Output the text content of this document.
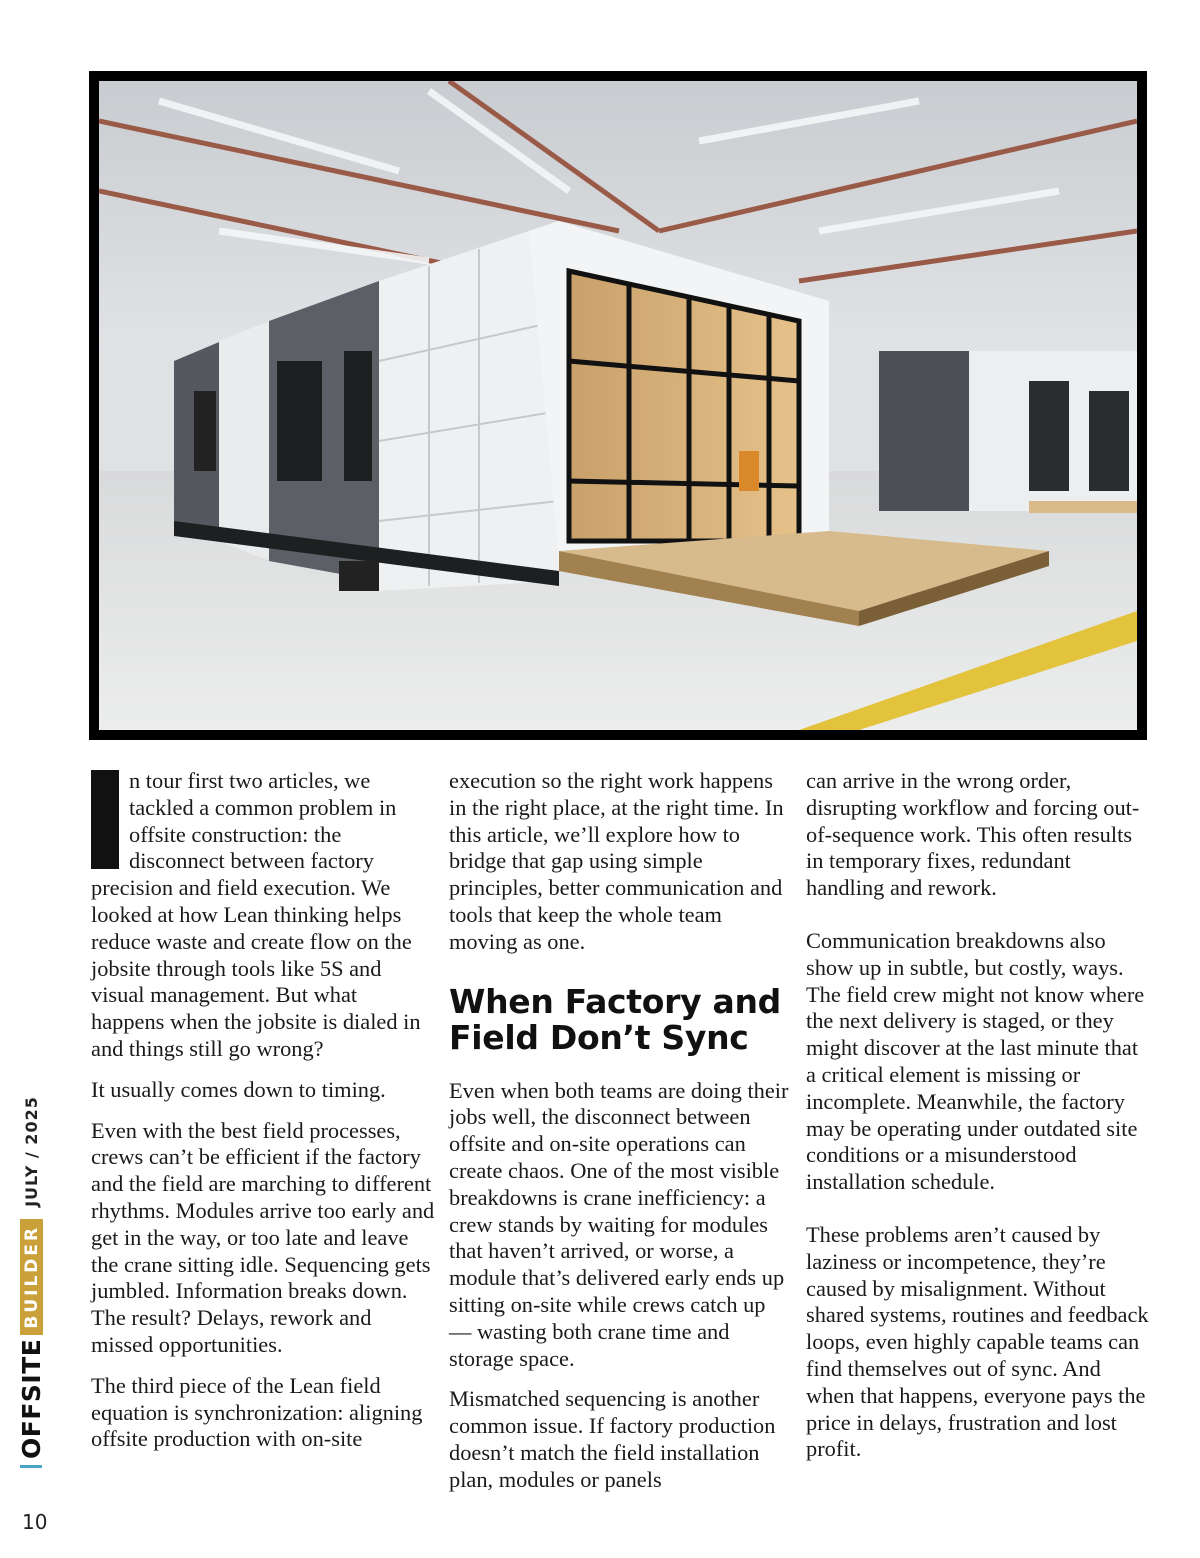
n tour first two articles, we tackled a common problem in offsite construction: the disconnect between factory precision and field execution. We looked at how Lean thinking helps reduce waste and create flow on the jobsite through tools like 5S and visual management. But what happens when the jobsite is dialed in and things still go wrong?

It usually comes down to timing.

Even with the best field processes, crews can’t be efficient if the factory and the field are marching to different rhythms. Modules arrive too early and get in the way, or too late and leave the crane sitting idle. Sequencing gets jumbled. Information breaks down. The result? Delays, rework and missed opportunities.

The third piece of the Lean field equation is synchronization: aligning offsite production with on-site

execution so the right work happens in the right place, at the right time. In this article, we’ll explore how to bridge that gap using simple principles, better communication and tools that keep the whole team moving as one.

When Factory and Field Don’t Sync

Even when both teams are doing their jobs well, the disconnect between offsite and on-site operations can create chaos. One of the most visible breakdowns is crane inefficiency: a crew stands by waiting for modules that haven’t arrived, or worse, a module that’s delivered early ends up sitting on-site while crews catch up — wasting both crane time and storage space.

Mismatched sequencing is another common issue. If factory production doesn’t match the field installation plan, modules or panels

can arrive in the wrong order, disrupting workflow and forcing out-of-sequence work. This often results in temporary fixes, redundant handling and rework.

Communication breakdowns also show up in subtle, but costly, ways. The field crew might not know where the next delivery is staged, or they might discover at the last minute that a critical element is missing or incomplete. Meanwhile, the factory may be operating under outdated site conditions or a misunderstood installation schedule.

These problems aren’t caused by laziness or incompetence, they’re caused by misalignment. Without shared systems, routines and feedback loops, even highly capable teams can find themselves out of sync. And when that happens, everyone pays the price in delays, frustration and lost profit.

OFFSITE
BUILDER
JULY / 2025
10
